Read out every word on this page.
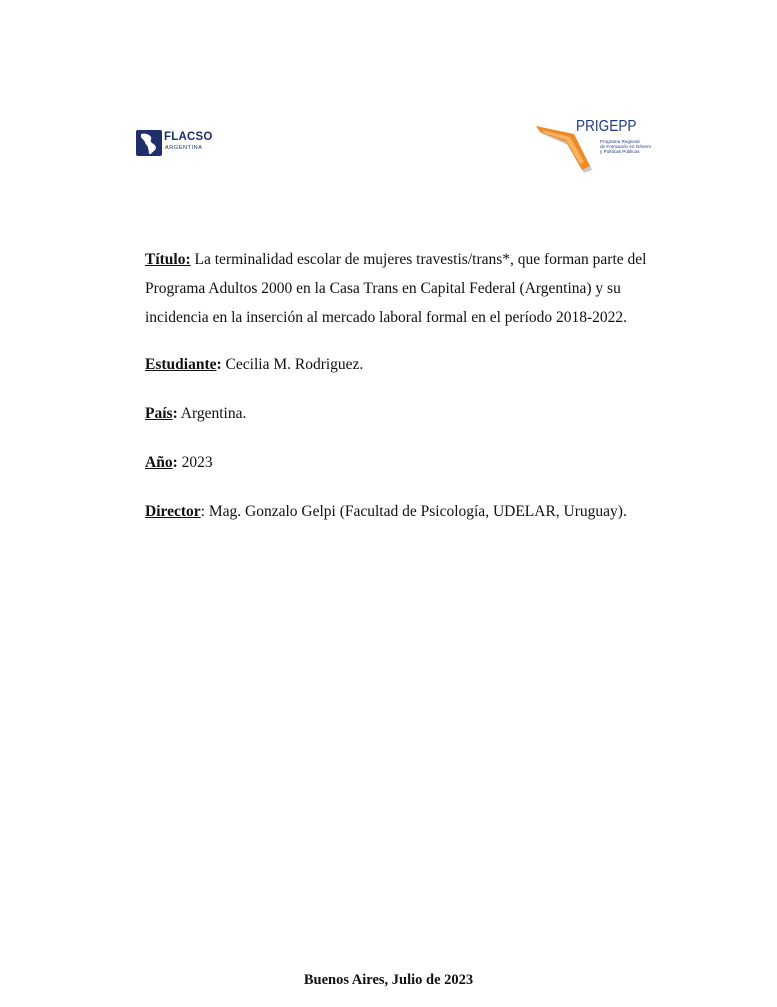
FLACSO
ARGENTINA
PRIGEPP
Programa Regional
de Formación en Género
y Políticas Públicas

Título: La terminalidad escolar de mujeres travestis/trans*, que forman parte del Programa Adultos 2000 en la Casa Trans en Capital Federal (Argentina) y su incidencia en la inserción al mercado laboral formal en el período 2018-2022.

Estudiante: Cecilia M. Rodriguez.

País: Argentina.

Año: 2023

Director: Mag. Gonzalo Gelpi (Facultad de Psicología, UDELAR, Uruguay).

Buenos Aires, Julio de 2023
